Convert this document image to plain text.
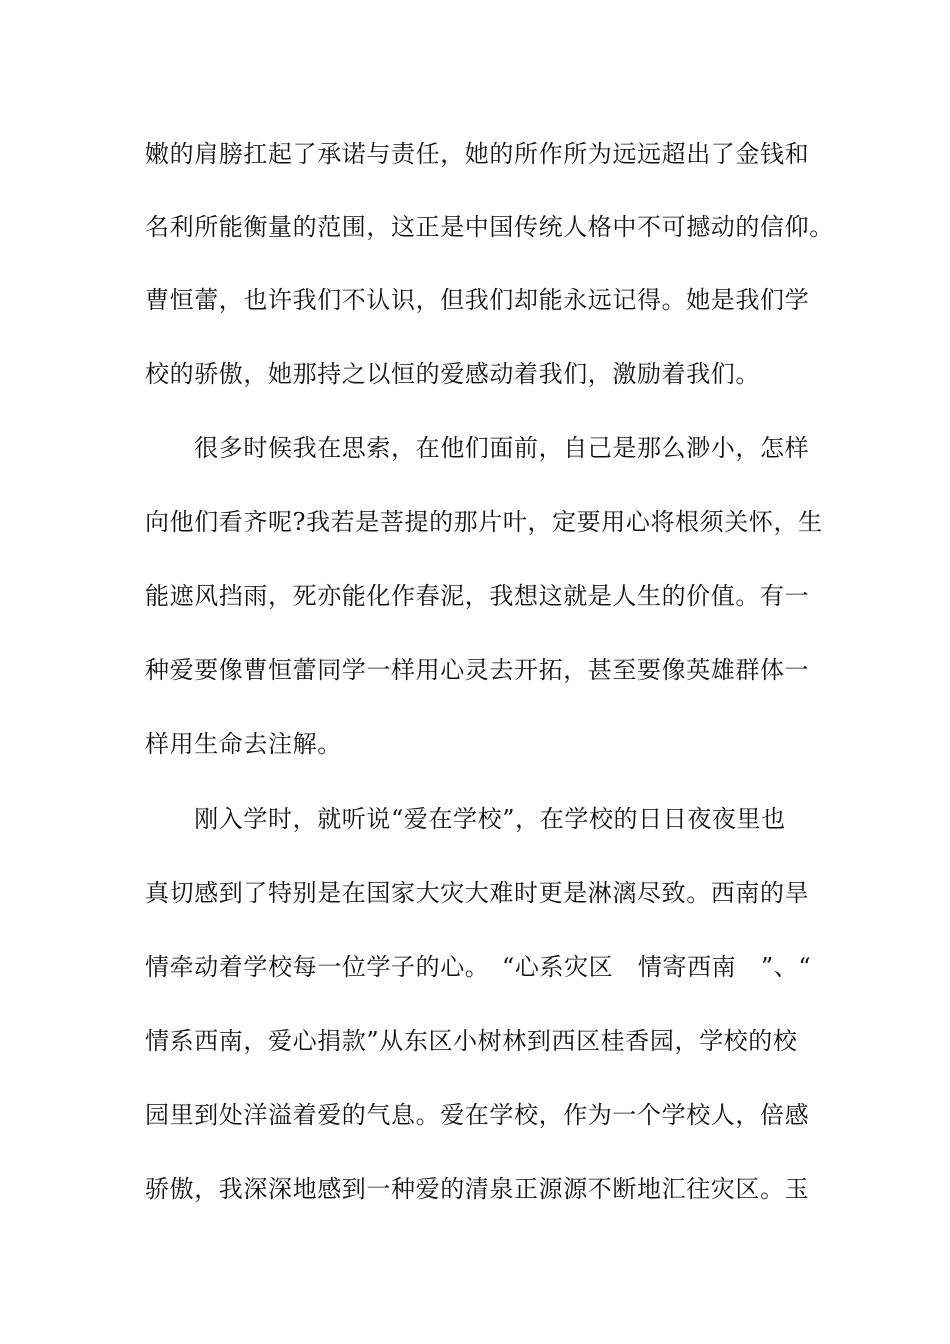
嫩的肩膀扛起了承诺与责任，她的所作所为远远超出了金钱和
名利所能衡量的范围，这正是中国传统人格中不可撼动的信仰。
曹恒蕾，也许我们不认识，但我们却能永远记得。她是我们学
校的骄傲，她那持之以恒的爱感动着我们，激励着我们。
　　很多时候我在思索，在他们面前，自己是那么渺小，怎样
向他们看齐呢?我若是菩提的那片叶，定要用心将根须关怀，生
能遮风挡雨，死亦能化作春泥，我想这就是人生的价值。有一
种爱要像曹恒蕾同学一样用心灵去开拓，甚至要像英雄群体一
样用生命去注解。
　　刚入学时，就听说“爱在学校”，在学校的日日夜夜里也
真切感到了特别是在国家大灾大难时更是淋漓尽致。西南的旱
情牵动着学校每一位学子的心。　“心系灾区　情寄西南　”、“
情系西南，爱心捐款”从东区小树林到西区桂香园，学校的校
园里到处洋溢着爱的气息。爱在学校，作为一个学校人，倍感
骄傲，我深深地感到一种爱的清泉正源源不断地汇往灾区。玉
